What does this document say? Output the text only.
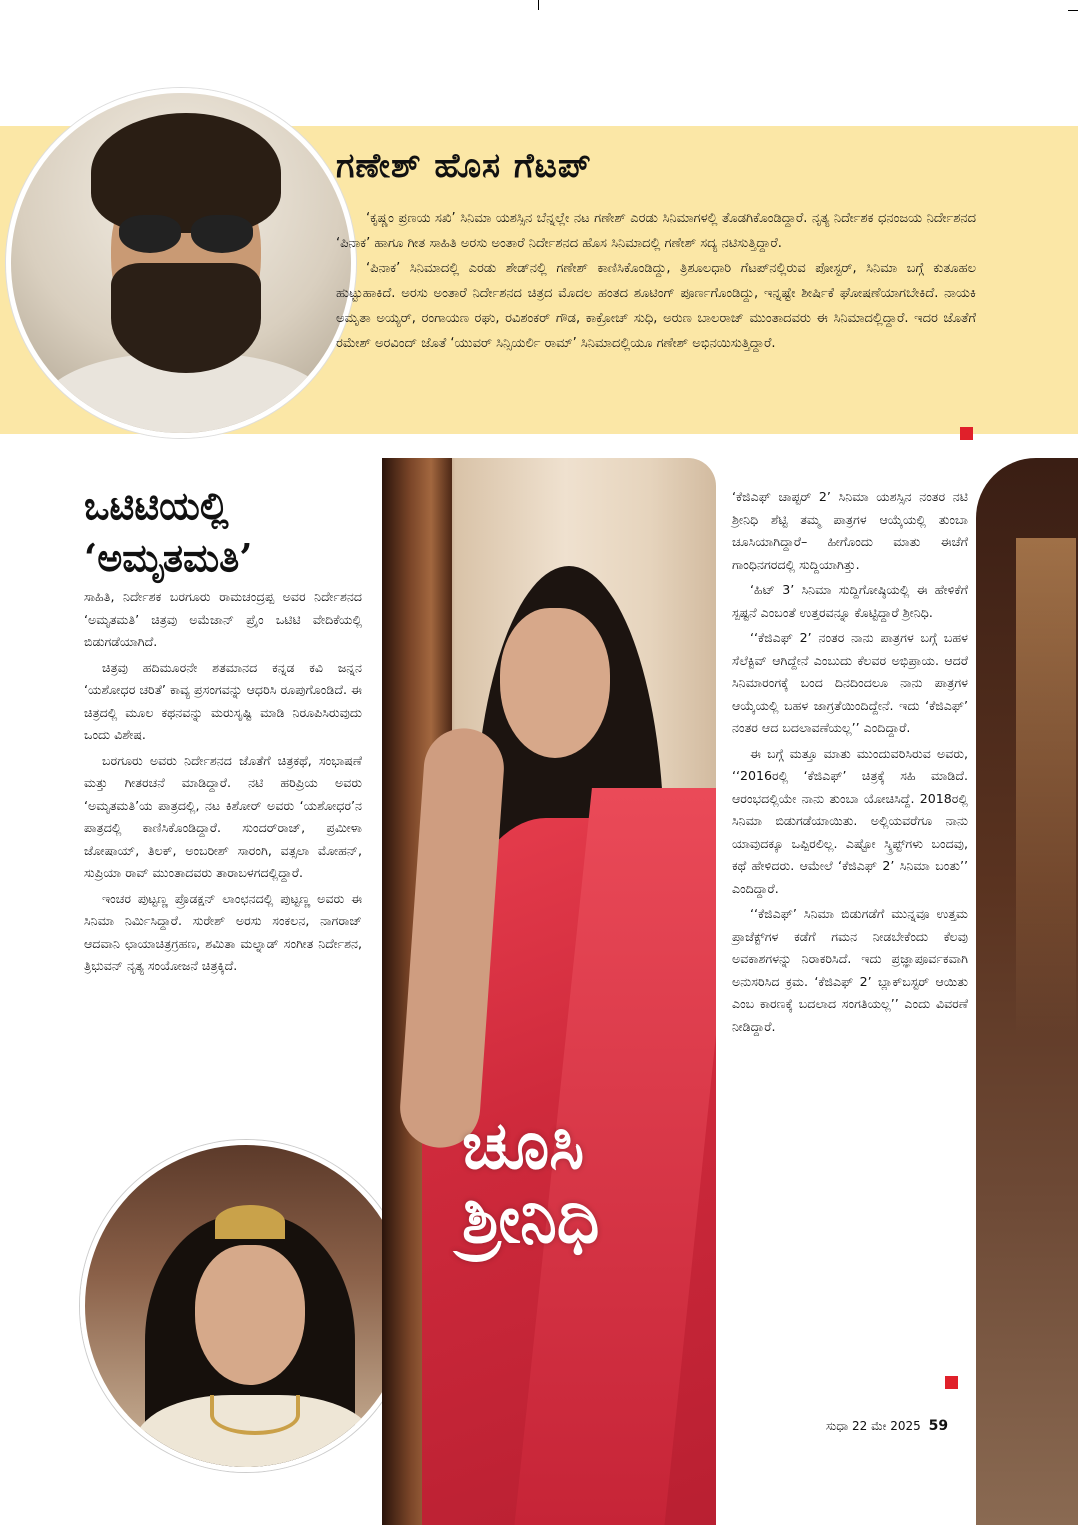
ಗಣೇಶ್ ಹೊಸ ಗೆಟಪ್

‘ಕೃಷ್ಣಂ ಪ್ರಣಯ ಸಖಿ’ ಸಿನಿಮಾ ಯಶಸ್ಸಿನ ಬೆನ್ನಲ್ಲೇ ನಟ ಗಣೇಶ್ ಎರಡು ಸಿನಿಮಾಗಳಲ್ಲಿ ತೊಡಗಿಕೊಂಡಿದ್ದಾರೆ. ನೃತ್ಯ ನಿರ್ದೇಶಕ ಧನಂಜಯ ನಿರ್ದೇಶನದ ‘ಪಿನಾಕ’ ಹಾಗೂ ಗೀತ ಸಾಹಿತಿ ಅರಸು ಅಂತಾರೆ ನಿರ್ದೇಶನದ ಹೊಸ ಸಿನಿಮಾದಲ್ಲಿ ಗಣೇಶ್ ಸದ್ಯ ನಟಿಸುತ್ತಿದ್ದಾರೆ.

‘ಪಿನಾಕ’ ಸಿನಿಮಾದಲ್ಲಿ ಎರಡು ಶೇಡ್‌ನಲ್ಲಿ ಗಣೇಶ್ ಕಾಣಿಸಿಕೊಂಡಿದ್ದು, ತ್ರಿಶೂಲಧಾರಿ ಗೆಟಪ್‌ನಲ್ಲಿರುವ ಪೋಸ್ಟರ್, ಸಿನಿಮಾ ಬಗ್ಗೆ ಕುತೂಹಲ ಹುಟ್ಟುಹಾಕಿದೆ. ಅರಸು ಅಂತಾರೆ ನಿರ್ದೇಶನದ ಚಿತ್ರದ ಮೊದಲ ಹಂತದ ಶೂಟಿಂಗ್ ಪೂರ್ಣಗೊಂಡಿದ್ದು, ಇನ್ನಷ್ಟೇ ಶೀರ್ಷಿಕೆ ಘೋಷಣೆಯಾಗಬೇಕಿದೆ. ನಾಯಕಿ ಅಮೃತಾ ಅಯ್ಯರ್, ರಂಗಾಯಣ ರಘು, ರವಿಶಂಕರ್ ಗೌಡ, ಕಾಕ್ರೋಚ್ ಸುಧಿ, ಅರುಣ ಬಾಲರಾಜ್ ಮುಂತಾದವರು ಈ ಸಿನಿಮಾದಲ್ಲಿದ್ದಾರೆ. ಇದರ ಜೊತೆಗೆ ರಮೇಶ್ ಅರವಿಂದ್ ಜೊತೆ ‘ಯುವರ್ ಸಿನ್ಸಿಯರ್ಲಿ ರಾಮ್’ ಸಿನಿಮಾದಲ್ಲಿಯೂ ಗಣೇಶ್ ಅಭಿನಯಿಸುತ್ತಿದ್ದಾರೆ.

ಒಟಿಟಿಯಲ್ಲಿ
‘ಅಮೃತಮತಿ’

ಸಾಹಿತಿ, ನಿರ್ದೇಶಕ ಬರಗೂರು ರಾಮಚಂದ್ರಪ್ಪ ಅವರ ನಿರ್ದೇಶನದ ‘ಅಮೃತಮತಿ’ ಚಿತ್ರವು ಅಮೆಜಾನ್ ಪ್ರೈಂ ಒಟಿಟಿ ವೇದಿಕೆಯಲ್ಲಿ ಬಿಡುಗಡೆಯಾಗಿದೆ.

ಚಿತ್ರವು ಹದಿಮೂರನೇ ಶತಮಾನದ ಕನ್ನಡ ಕವಿ ಜನ್ನನ ‘ಯಶೋಧರ ಚರಿತೆ’ ಕಾವ್ಯ ಪ್ರಸಂಗವನ್ನು ಆಧರಿಸಿ ರೂಪುಗೊಂಡಿದೆ. ಈ ಚಿತ್ರದಲ್ಲಿ ಮೂಲ ಕಥನವನ್ನು ಮರುಸೃಷ್ಟಿ ಮಾಡಿ ನಿರೂಪಿಸಿರುವುದು ಒಂದು ವಿಶೇಷ.

ಬರಗೂರು ಅವರು ನಿರ್ದೇಶನದ ಜೊತೆಗೆ ಚಿತ್ರಕಥೆ, ಸಂಭಾಷಣೆ ಮತ್ತು ಗೀತರಚನೆ ಮಾಡಿದ್ದಾರೆ. ನಟಿ ಹರಿಪ್ರಿಯ ಅವರು ‘ಅಮೃತಮತಿ’ಯ ಪಾತ್ರದಲ್ಲಿ, ನಟ ಕಿಶೋರ್ ಅವರು ‘ಯಶೋಧರ’ನ ಪಾತ್ರದಲ್ಲಿ ಕಾಣಿಸಿಕೊಂಡಿದ್ದಾರೆ. ಸುಂದರ್‌ರಾಜ್, ಪ್ರಮೀಳಾ ಜೋಷಾಯ್, ತಿಲಕ್, ಅಂಬರೀಶ್ ಸಾರಂಗಿ, ವತ್ಸಲಾ ಮೋಹನ್, ಸುಪ್ರಿಯಾ ರಾವ್ ಮುಂತಾದವರು ತಾರಾಬಳಗದಲ್ಲಿದ್ದಾರೆ.

ಇಂಚರ ಪುಟ್ಟಣ್ಣ ಪ್ರೊಡಕ್ಷನ್ ಲಾಂಛನದಲ್ಲಿ ಪುಟ್ಟಣ್ಣ ಅವರು ಈ ಸಿನಿಮಾ ನಿರ್ಮಿಸಿದ್ದಾರೆ. ಸುರೇಶ್ ಅರಸು ಸಂಕಲನ, ನಾಗರಾಜ್ ಆದವಾನಿ ಛಾಯಾಚಿತ್ರಗ್ರಹಣ, ಶಮಿತಾ ಮಲ್ನಾಡ್ ಸಂಗೀತ ನಿರ್ದೇಶನ, ತ್ರಿಭುವನ್ ನೃತ್ಯ ಸಂಯೋಜನೆ ಚಿತ್ರಕ್ಕಿದೆ.

ಚೂಸಿ
ಶ್ರೀನಿಧಿ

‘ಕೆಜಿಎಫ್ ಚಾಪ್ಟರ್ 2’ ಸಿನಿಮಾ ಯಶಸ್ಸಿನ ನಂತರ ನಟಿ ಶ್ರೀನಿಧಿ ಶೆಟ್ಟಿ ತಮ್ಮ ಪಾತ್ರಗಳ ಆಯ್ಕೆಯಲ್ಲಿ ತುಂಬಾ ಚೂಸಿಯಾಗಿದ್ದಾರೆ– ಹೀಗೊಂದು ಮಾತು ಈಚೆಗೆ ಗಾಂಧಿನಗರದಲ್ಲಿ ಸುದ್ದಿಯಾಗಿತ್ತು.

‘ಹಿಟ್ 3’ ಸಿನಿಮಾ ಸುದ್ದಿಗೋಷ್ಠಿಯಲ್ಲಿ ಈ ಹೇಳಿಕೆಗೆ ಸ್ಪಷ್ಟನೆ ಎಂಬಂತೆ ಉತ್ತರವನ್ನೂ ಕೊಟ್ಟಿದ್ದಾರೆ ಶ್ರೀನಿಧಿ.

‘‘ಕೆಜಿಎಫ್ 2’ ನಂತರ ನಾನು ಪಾತ್ರಗಳ ಬಗ್ಗೆ ಬಹಳ ಸೆಲೆಕ್ಟಿವ್ ಆಗಿದ್ದೇನೆ ಎಂಬುದು ಕೆಲವರ ಅಭಿಪ್ರಾಯ. ಆದರೆ ಸಿನಿಮಾರಂಗಕ್ಕೆ ಬಂದ ದಿನದಿಂದಲೂ ನಾನು ಪಾತ್ರಗಳ ಆಯ್ಕೆಯಲ್ಲಿ ಬಹಳ ಜಾಗ್ರತೆಯಿಂದಿದ್ದೇನೆ. ಇದು ‘ಕೆಜಿಎಫ್’ ನಂತರ ಆದ ಬದಲಾವಣೆಯಲ್ಲ’’ ಎಂದಿದ್ದಾರೆ.

ಈ ಬಗ್ಗೆ ಮತ್ತೂ ಮಾತು ಮುಂದುವರಿಸಿರುವ ಅವರು, ‘‘2016ರಲ್ಲಿ ‘ಕೆಜಿಎಫ್’ ಚಿತ್ರಕ್ಕೆ ಸಹಿ ಮಾಡಿದೆ. ಆರಂಭದಲ್ಲಿಯೇ ನಾನು ತುಂಬಾ ಯೋಚಿಸಿದ್ದೆ. 2018ರಲ್ಲಿ ಸಿನಿಮಾ ಬಿಡುಗಡೆಯಾಯಿತು. ಅಲ್ಲಿಯವರೆಗೂ ನಾನು ಯಾವುದಕ್ಕೂ ಒಪ್ಪಿರಲಿಲ್ಲ. ಎಷ್ಟೋ ಸ್ಕ್ರಿಪ್ಟ್‌ಗಳು ಬಂದವು, ಕಥೆ ಹೇಳಿದರು. ಆಮೇಲೆ ‘ಕೆಜಿಎಫ್ 2’ ಸಿನಿಮಾ ಬಂತು’’ ಎಂದಿದ್ದಾರೆ.

‘‘ಕೆಜಿಎಫ್’ ಸಿನಿಮಾ ಬಿಡುಗಡೆಗೆ ಮುನ್ನವೂ ಉತ್ತಮ ಪ್ರಾಜೆಕ್ಟ್‌ಗಳ ಕಡೆಗೆ ಗಮನ ನೀಡಬೇಕೆಂದು ಕೆಲವು ಅವಕಾಶಗಳನ್ನು ನಿರಾಕರಿಸಿದೆ. ಇದು ಪ್ರಜ್ಞಾಪೂರ್ವಕವಾಗಿ ಅನುಸರಿಸಿದ ಕ್ರಮ. ‘ಕೆಜಿಎಫ್ 2’ ಬ್ಲಾಕ್‌ಬಸ್ಟರ್ ಆಯಿತು ಎಂಬ ಕಾರಣಕ್ಕೆ ಬದಲಾದ ಸಂಗತಿಯಲ್ಲ’’ ಎಂದು ವಿವರಣೆ ನೀಡಿದ್ದಾರೆ.

ಸುಧಾ 22 ಮೇ 2025 59
